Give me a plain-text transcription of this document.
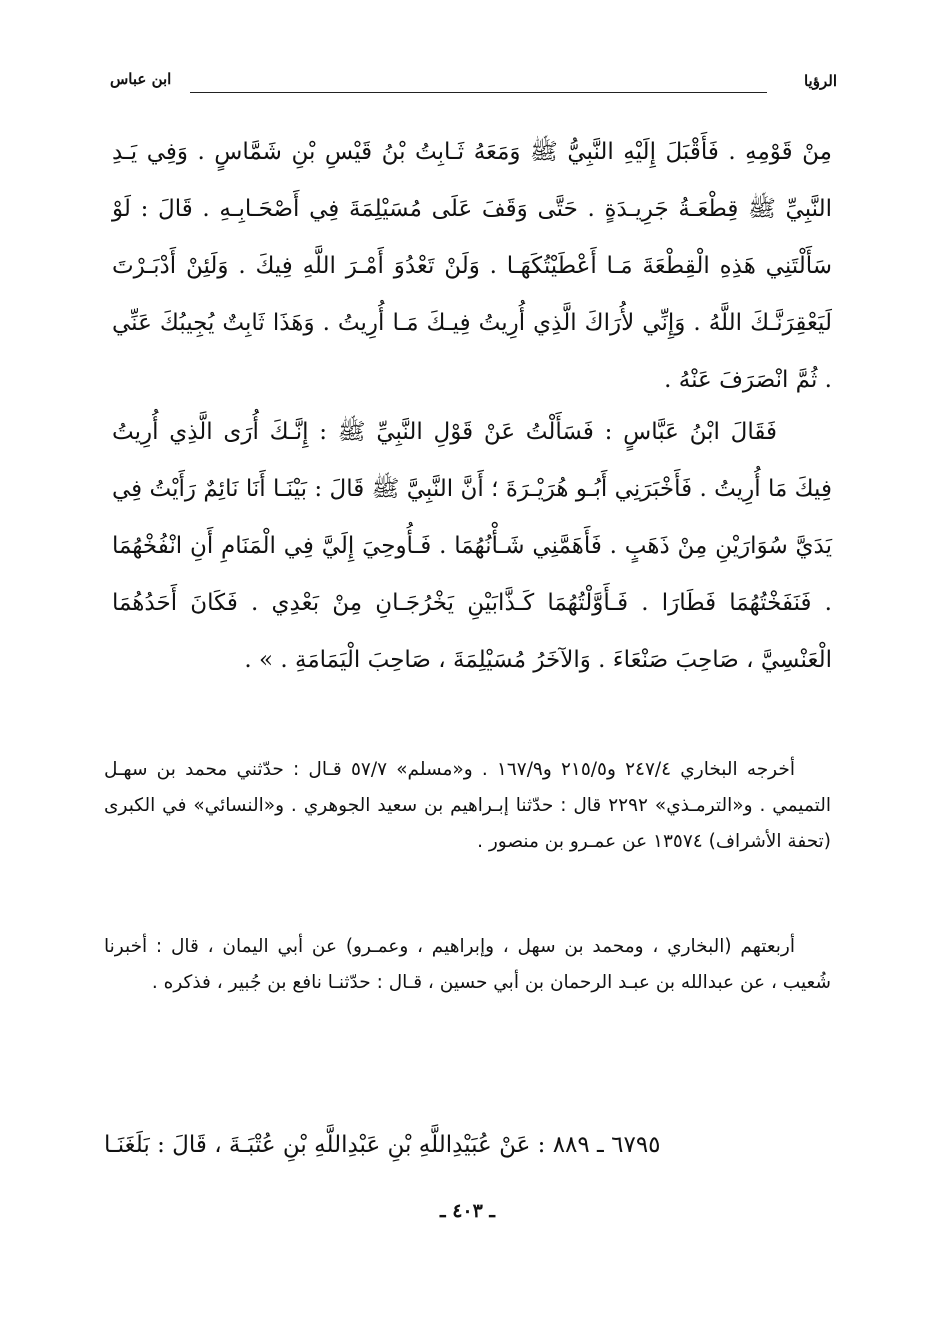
الرؤيا
ابن عباس

مِنْ قَوْمِهِ . فَأَقْبَلَ إِلَيْهِ النَّبِيُّ ﷺ وَمَعَهُ ثَـابِتُ بْنُ قَيْسِ بْنِ شَمَّاسٍ . وَفِي يَـدِ النَّبِيِّ ﷺ قِطْعَـةُ جَرِيـدَةٍ . حَتَّى وَقَفَ عَلَى مُسَيْلِمَةَ فِي أَصْحَـابِـهِ . قَالَ : لَوْ سَأَلْتَنِي هَذِهِ الْقِطْعَةَ مَـا أَعْطَيْتُكَهَـا . وَلَنْ تَعْدُوَ أَمْـرَ اللَّهِ فِيكَ . وَلَئِنْ أَدْبَـرْتَ لَيَعْقِرَنَّـكَ اللَّهُ . وَإِنِّي لأُرَاكَ الَّذِي أُرِيتُ فِيـكَ مَـا أُرِيتُ . وَهَذَا ثَابِتٌ يُجِيبُكَ عَنِّي . ثُمَّ انْصَرَفَ عَنْهُ .

فَقَالَ ابْنُ عَبَّاسٍ : فَسَأَلْتُ عَنْ قَوْلِ النَّبِيِّ ﷺ : إِنَّـكَ أُرَى الَّذِي أُرِيتُ فِيكَ مَا أُرِيتُ . فَأَخْبَرَنِي أَبُـو هُرَيْـرَةَ ؛ أَنَّ النَّبِيَّ ﷺ قَالَ : بَيْنَـا أَنَا نَائِمٌ رَأَيْتُ فِي يَدَيَّ سُوَارَيْنِ مِنْ ذَهَبٍ . فَأَهَمَّنِي شَـأْنُهُمَا . فَـأُوحِيَ إِلَيَّ فِي الْمَنَامِ أَنِ انْفُخْهُمَا . فَنَفَخْتُهُمَا فَطَارَا . فَـأَوَّلْتُهُمَا كَـذَّابَيْنِ يَخْرُجَـانِ مِنْ بَعْدِي . فَكَانَ أَحَدُهُمَا الْعَنْسِيَّ ، صَاحِبَ صَنْعَاءَ . وَالآخَرُ مُسَيْلِمَةَ ، صَاحِبَ الْيَمَامَةِ . » .

أخرجه البخاري ٢٤٧/٤ و٢١٥/٥ و١٦٧/٩ . و«مسلم» ٥٧/٧ قـال : حدّثني محمد بن سهـل التميمي . و«الترمـذي» ٢٢٩٢ قال : حدّثنا إبـراهيم بن سعيد الجوهري . و«النسائي» في الكبرى (تحفة الأشراف) ١٣٥٧٤ عن عمـرو بن منصور .

أربعتهم (البخاري ، ومحمد بن سهل ، وإبراهيم ، وعمـرو) عن أبي اليمان ، قال : أخبرنا شُعيب ، عن عبدالله بن عبـد الرحمان بن أبي حسين ، قـال : حدّثنـا نافع بن جُبير ، فذكره .

٦٧٩٥ ـ ٨٨٩ : عَنْ عُبَيْدِاللَّهِ بْنِ عَبْدِاللَّهِ بْنِ عُتْبَـةَ ، قَالَ : بَلَغَنَـا

ـ ٤٠٣ ـ
